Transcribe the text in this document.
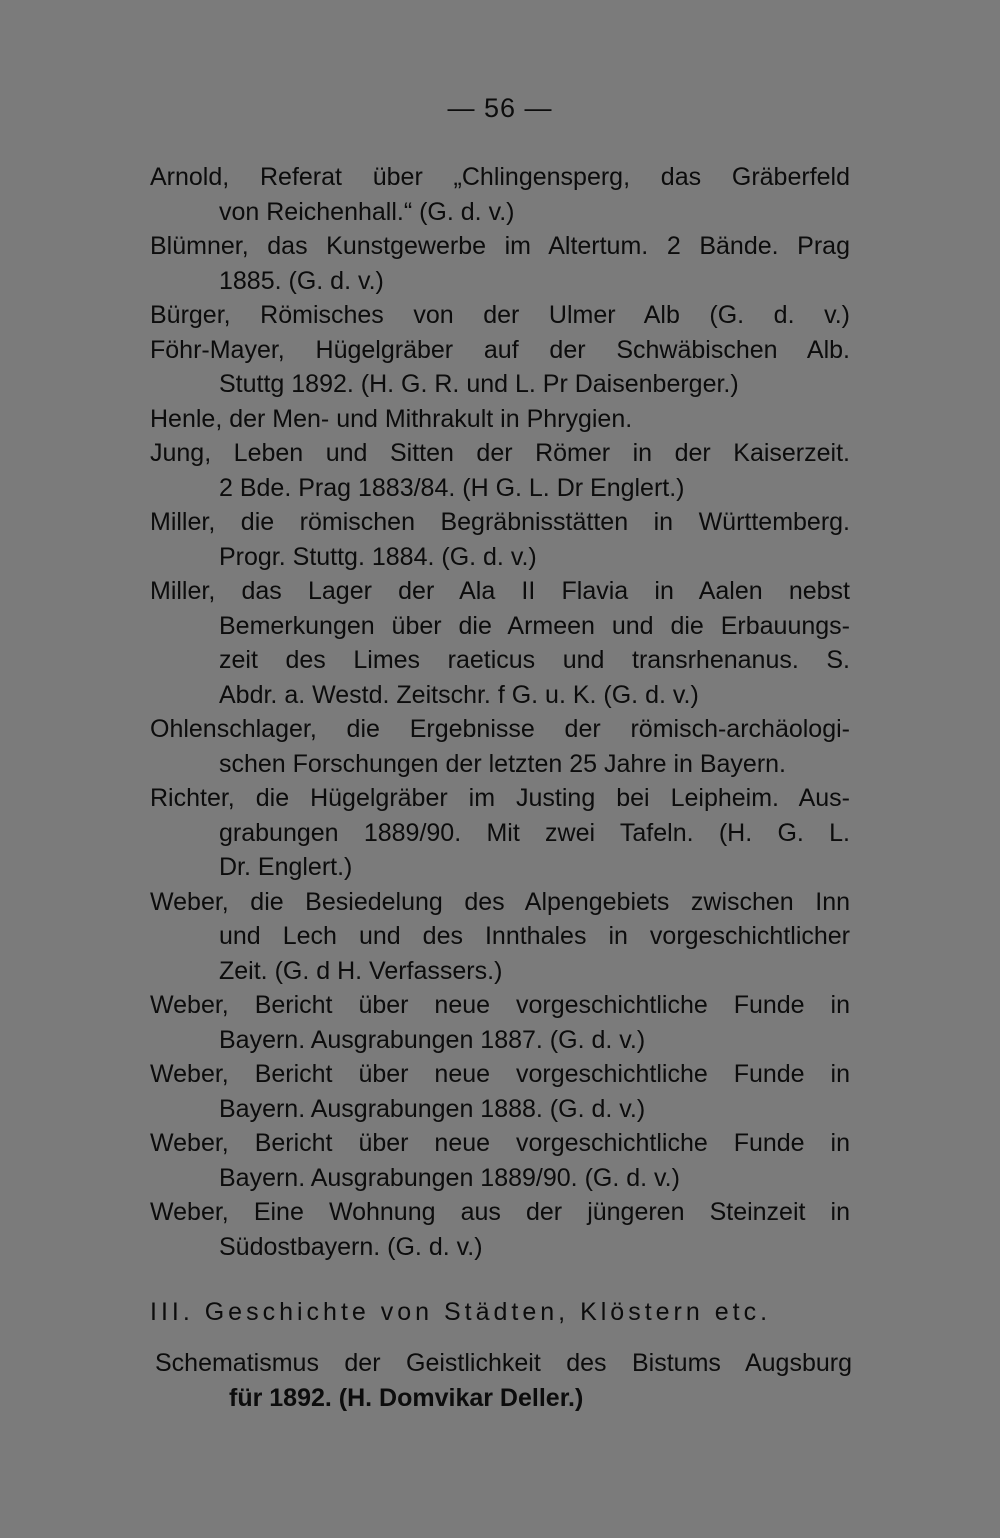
— 56 —
Arnold, Referat über „Chlingensperg, das Gräberfeld
von Reichenhall.“ (G. d. v.)
Blümner, das Kunstgewerbe im Altertum. 2 Bände. Prag
1885. (G. d. v.)
Bürger, Römisches von der Ulmer Alb (G. d. v.)
Föhr-Mayer, Hügelgräber auf der Schwäbischen Alb.
Stuttg 1892. (H. G. R. und L. Pr Daisenberger.)
Henle, der Men- und Mithrakult in Phrygien.
Jung, Leben und Sitten der Römer in der Kaiserzeit.
2 Bde. Prag 1883/84. (H G. L. Dr Englert.)
Miller, die römischen Begräbnisstätten in Württemberg.
Progr. Stuttg. 1884. (G. d. v.)
Miller, das Lager der Ala II Flavia in Aalen nebst
Bemerkungen über die Armeen und die Erbauungs-
zeit des Limes raeticus und transrhenanus. S.
Abdr. a. Westd. Zeitschr. f G. u. K. (G. d. v.)
Ohlenschlager, die Ergebnisse der römisch-archäologi-
schen Forschungen der letzten 25 Jahre in Bayern.
Richter, die Hügelgräber im Justing bei Leipheim. Aus-
grabungen 1889/90. Mit zwei Tafeln. (H. G. L.
Dr. Englert.)
Weber, die Besiedelung des Alpengebiets zwischen Inn
und Lech und des Innthales in vorgeschichtlicher
Zeit. (G. d H. Verfassers.)
Weber, Bericht über neue vorgeschichtliche Funde in
Bayern. Ausgrabungen 1887. (G. d. v.)
Weber, Bericht über neue vorgeschichtliche Funde in
Bayern. Ausgrabungen 1888. (G. d. v.)
Weber, Bericht über neue vorgeschichtliche Funde in
Bayern. Ausgrabungen 1889/90. (G. d. v.)
Weber, Eine Wohnung aus der jüngeren Steinzeit in
Südostbayern. (G. d. v.)
III. Geschichte von Städten, Klöstern etc.
Schematismus der Geistlichkeit des Bistums Augsburg
für 1892. (H. Domvikar Deller.)
